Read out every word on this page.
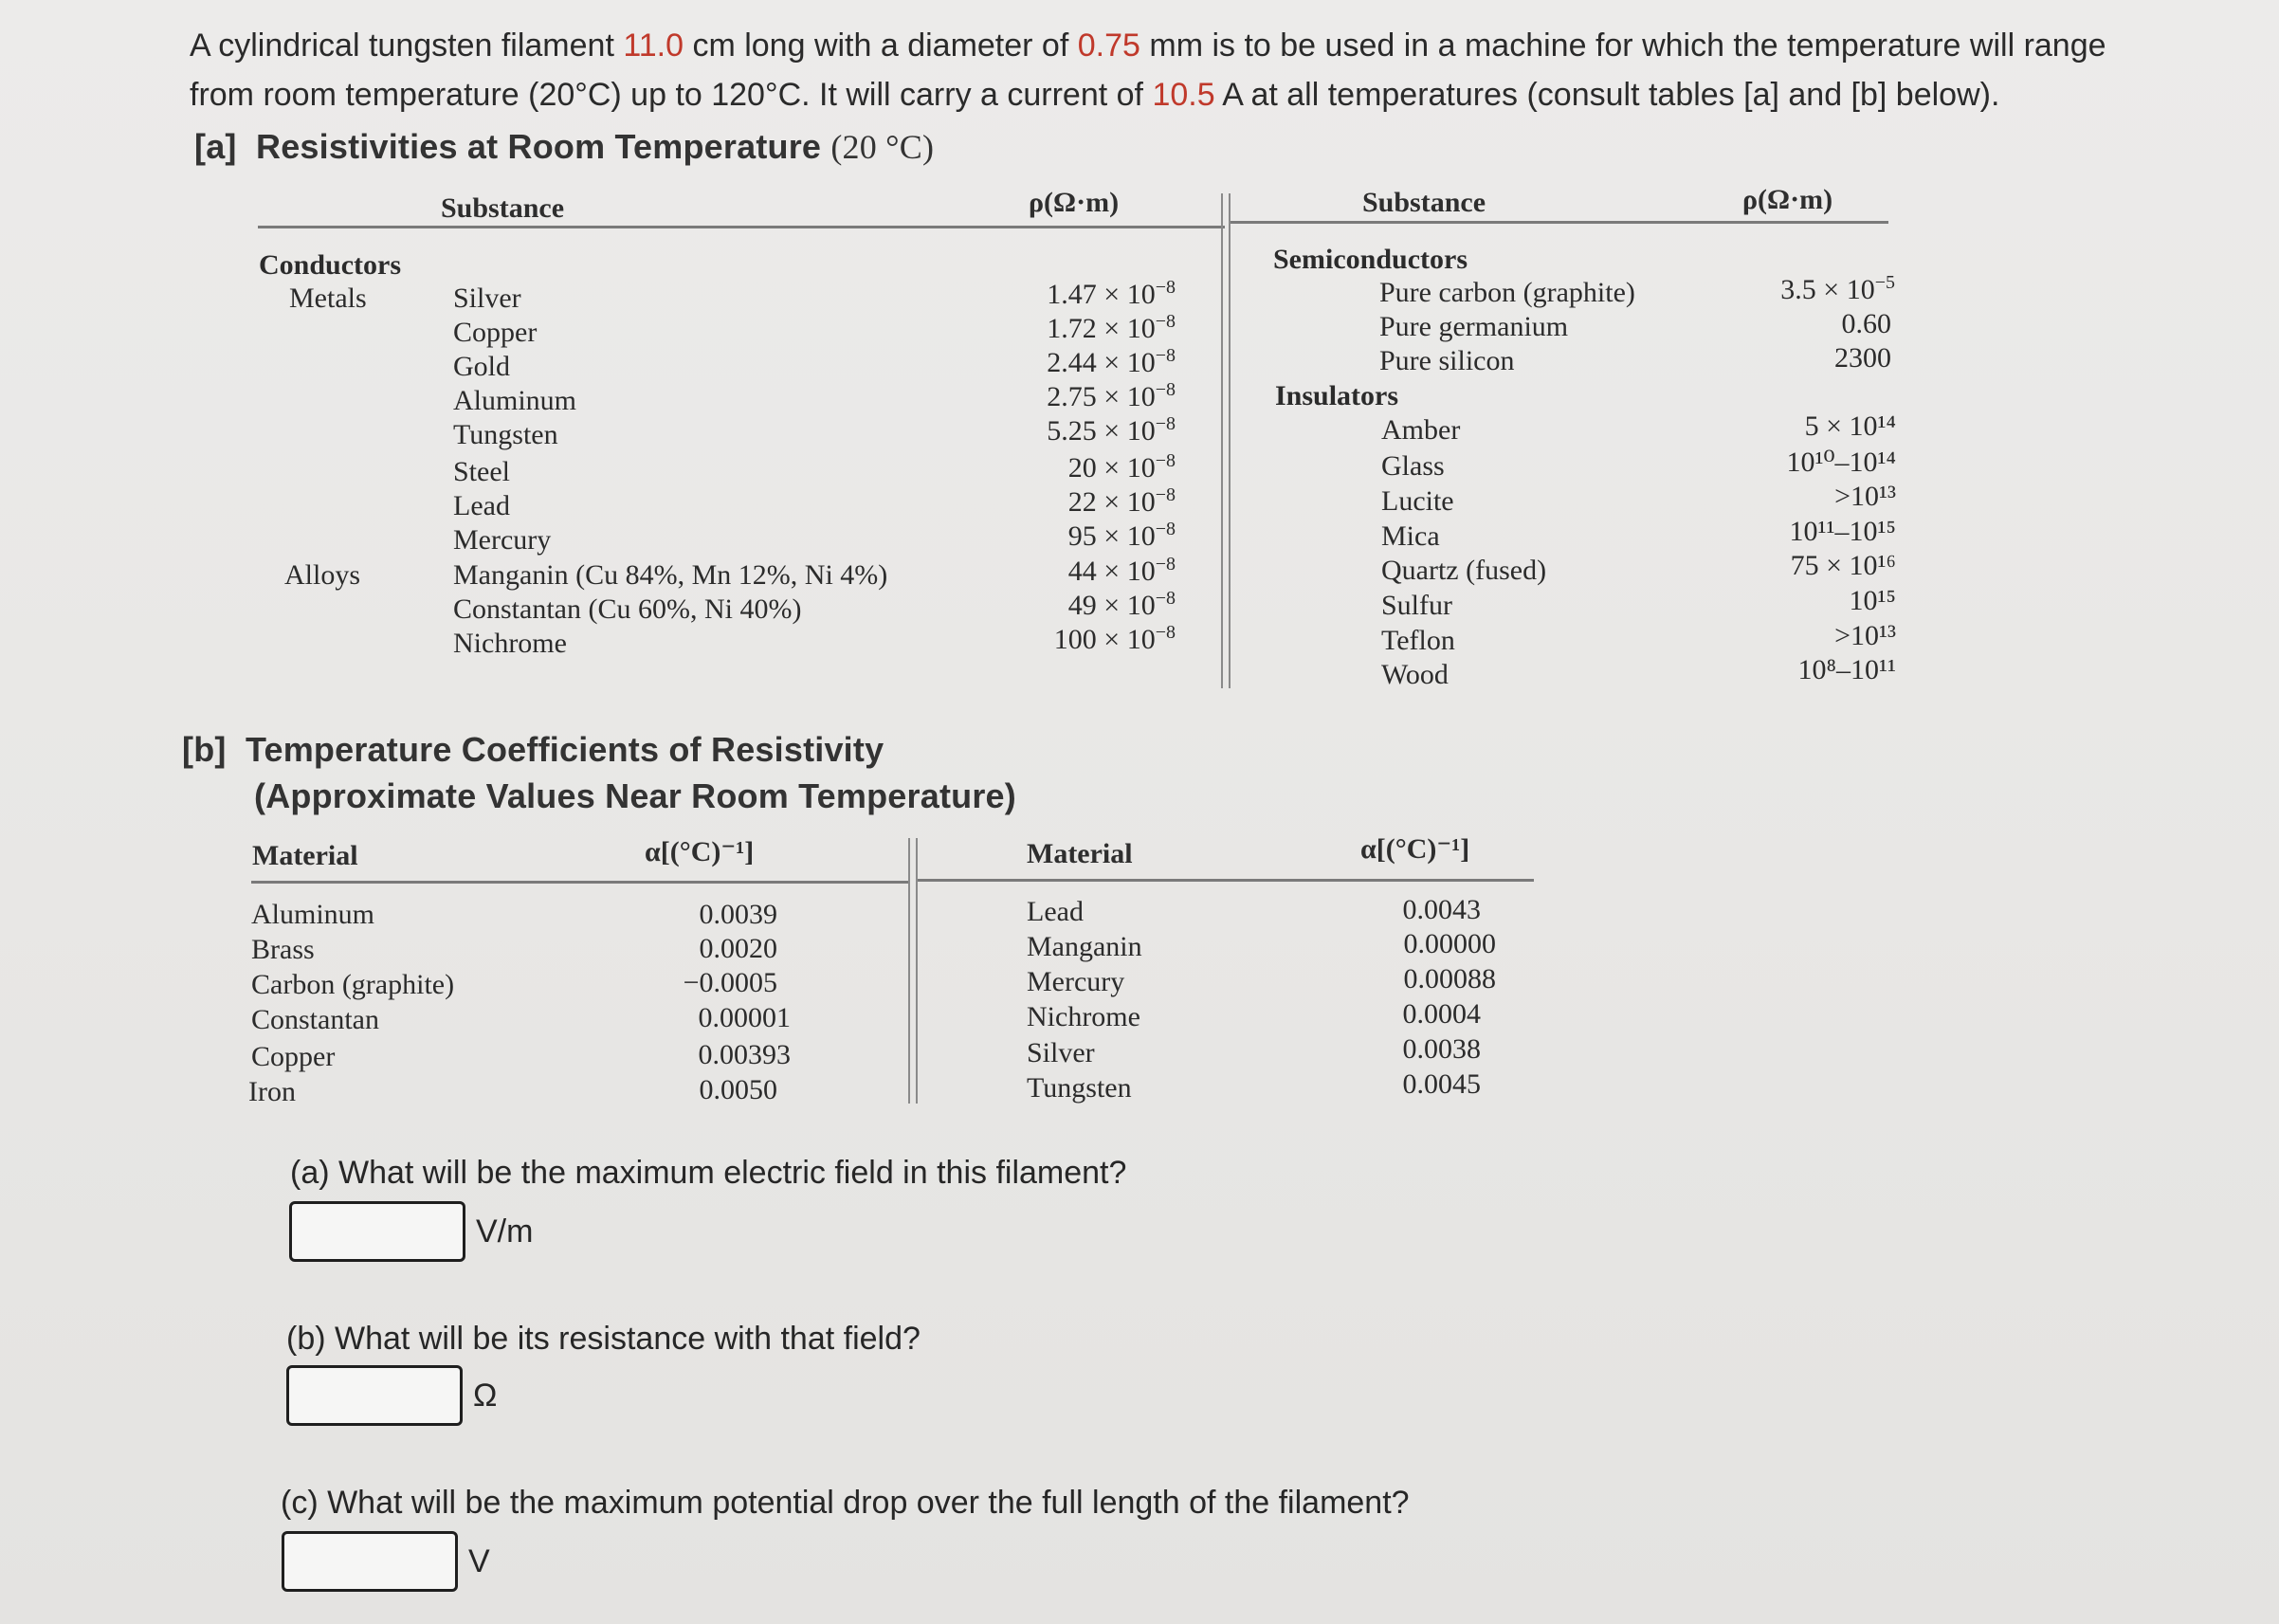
A cylindrical tungsten filament 11.0 cm long with a diameter of 0.75 mm is to be used in a machine for which the temperature will range
from room temperature (20°C) up to 120°C. It will carry a current of 10.5 A at all temperatures (consult tables [a] and [b] below).
[a] Resistivities at Room Temperature (20 °C)
Substance	ρ(Ω·m)	Substance	ρ(Ω·m)
Conductors
Metals
Alloys
Silver	$1.47 \times 10^{-8}$
Copper	$1.72 \times 10^{-8}$
Gold	$2.44 \times 10^{-8}$
Aluminum	$2.75 \times 10^{-8}$
Tungsten	$5.25 \times 10^{-8}$
Steel	$20 \times 10^{-8}$
Lead	$22 \times 10^{-8}$
Mercury	$95 \times 10^{-8}$
Manganin (Cu 84%, Mn 12%, Ni 4%)	$44 \times 10^{-8}$
Constantan (Cu 60%, Ni 40%)	$49 \times 10^{-8}$
Nichrome	$100 \times 10^{-8}$
Semiconductors
Pure carbon (graphite)	$3.5 \times 10^{-5}$
Pure germanium	0.60
Pure silicon	2300
Insulators
Amber	5 × 10¹⁴
Glass	10¹⁰–10¹⁴
Lucite	>10¹³
Mica	10¹¹–10¹⁵
Quartz (fused)	75 × 10¹⁶
Sulfur	10¹⁵
Teflon	>10¹³
Wood	10⁸–10¹¹
[b] Temperature Coefficients of Resistivity
(Approximate Values Near Room Temperature)
Material	α[(°C)⁻¹]	Material	α[(°C)⁻¹]
Aluminum	0.0039
Brass	0.0020
Carbon (graphite)	−0.0005
Constantan	0.00001
Copper	0.00393
Iron	0.0050
Lead	0.0043
Manganin	0.00000
Mercury	0.00088
Nichrome	0.0004
Silver	0.0038
Tungsten	0.0045
(a) What will be the maximum electric field in this filament?
V/m
(b) What will be its resistance with that field?
Ω
(c) What will be the maximum potential drop over the full length of the filament?
V
